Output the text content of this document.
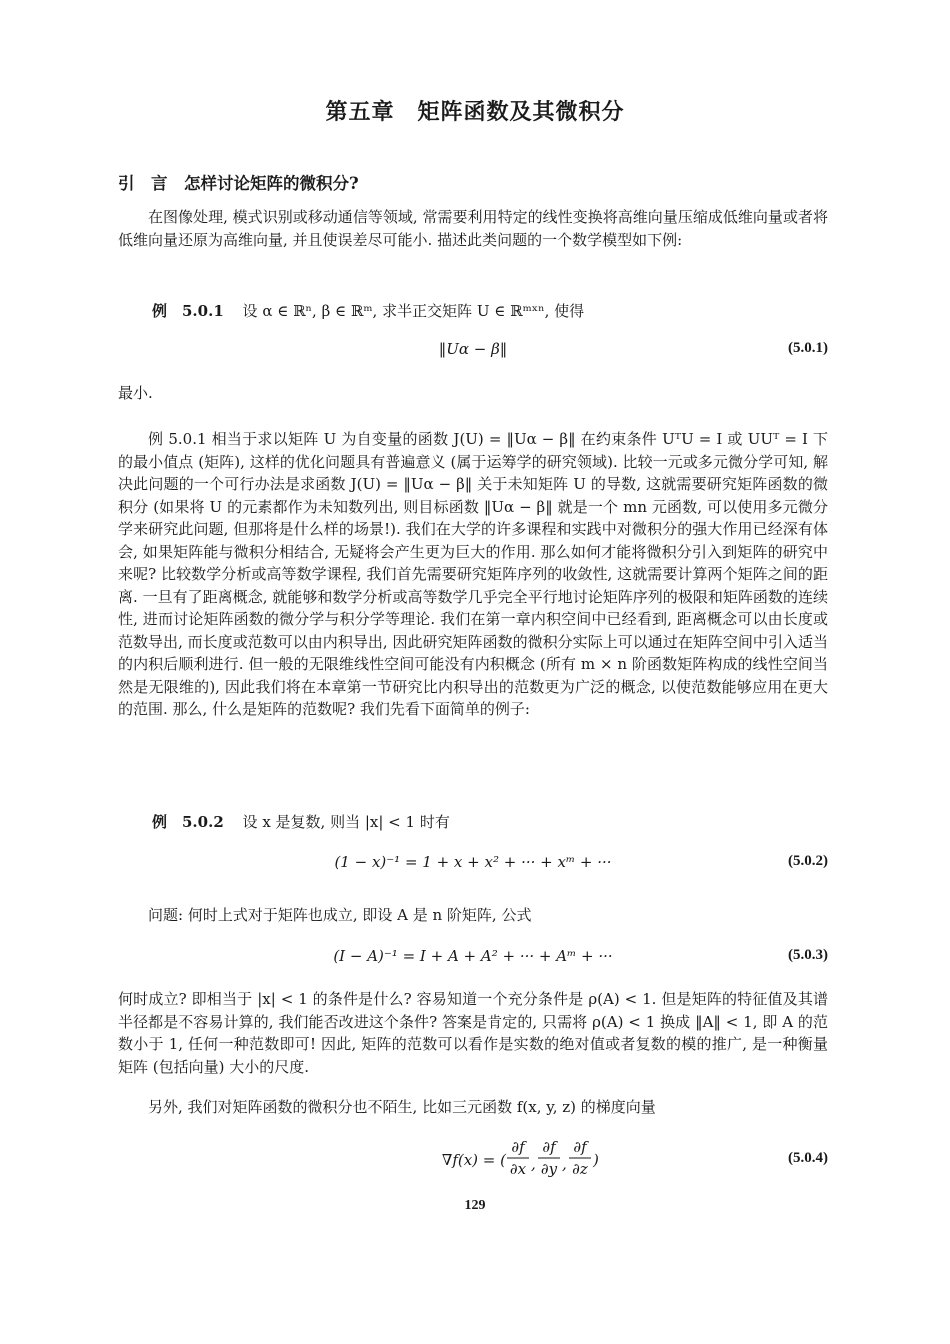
第五章　矩阵函数及其微积分
引　言　怎样讨论矩阵的微积分?
在图像处理, 模式识别或移动通信等领域, 常需要利用特定的线性变换将高维向量压缩成低维向量或者将低维向量还原为高维向量, 并且使误差尽可能小. 描述此类问题的一个数学模型如下例:
例　5.0.1 设 α ∈ ℝⁿ, β ∈ ℝᵐ, 求半正交矩阵 U ∈ ℝᵐˣⁿ, 使得
‖Uα − β‖	(5.0.1)
最小.
例 5.0.1 相当于求以矩阵 U 为自变量的函数 J(U) = ‖Uα − β‖ 在约束条件 UᵀU = I 或 UUᵀ = I 下的最小值点 (矩阵), 这样的优化问题具有普遍意义 (属于运筹学的研究领域). 比较一元或多元微分学可知, 解决此问题的一个可行办法是求函数 J(U) = ‖Uα − β‖ 关于未知矩阵 U 的导数, 这就需要研究矩阵函数的微积分 (如果将 U 的元素都作为未知数列出, 则目标函数 ‖Uα − β‖ 就是一个 mn 元函数, 可以使用多元微分学来研究此问题, 但那将是什么样的场景!). 我们在大学的许多课程和实践中对微积分的强大作用已经深有体会, 如果矩阵能与微积分相结合, 无疑将会产生更为巨大的作用. 那么如何才能将微积分引入到矩阵的研究中来呢? 比较数学分析或高等数学课程, 我们首先需要研究矩阵序列的收敛性, 这就需要计算两个矩阵之间的距离. 一旦有了距离概念, 就能够和数学分析或高等数学几乎完全平行地讨论矩阵序列的极限和矩阵函数的连续性, 进而讨论矩阵函数的微分学与积分学等理论. 我们在第一章内积空间中已经看到, 距离概念可以由长度或范数导出, 而长度或范数可以由内积导出, 因此研究矩阵函数的微积分实际上可以通过在矩阵空间中引入适当的内积后顺利进行. 但一般的无限维线性空间可能没有内积概念 (所有 m × n 阶函数矩阵构成的线性空间当然是无限维的), 因此我们将在本章第一节研究比内积导出的范数更为广泛的概念, 以使范数能够应用在更大的范围. 那么, 什么是矩阵的范数呢? 我们先看下面简单的例子:
例　5.0.2 设 x 是复数, 则当 |x| < 1 时有
(1 − x)⁻¹ = 1 + x + x² + ··· + xᵐ + ···	(5.0.2)
问题: 何时上式对于矩阵也成立, 即设 A 是 n 阶矩阵, 公式
(I − A)⁻¹ = I + A + A² + ··· + Aᵐ + ···	(5.0.3)
何时成立? 即相当于 |x| < 1 的条件是什么? 容易知道一个充分条件是 ρ(A) < 1. 但是矩阵的特征值及其谱半径都是不容易计算的, 我们能否改进这个条件? 答案是肯定的, 只需将 ρ(A) < 1 换成 ‖A‖ < 1, 即 A 的范数小于 1, 任何一种范数即可! 因此, 矩阵的范数可以看作是实数的绝对值或者复数的模的推广, 是一种衡量矩阵 (包括向量) 大小的尺度.
另外, 我们对矩阵函数的微积分也不陌生, 比如三元函数 f(x, y, z) 的梯度向量
∇f(x) = (
∂f
∂x ,
∂f
∂y ,
∂f
∂z )	(5.0.4)
129
